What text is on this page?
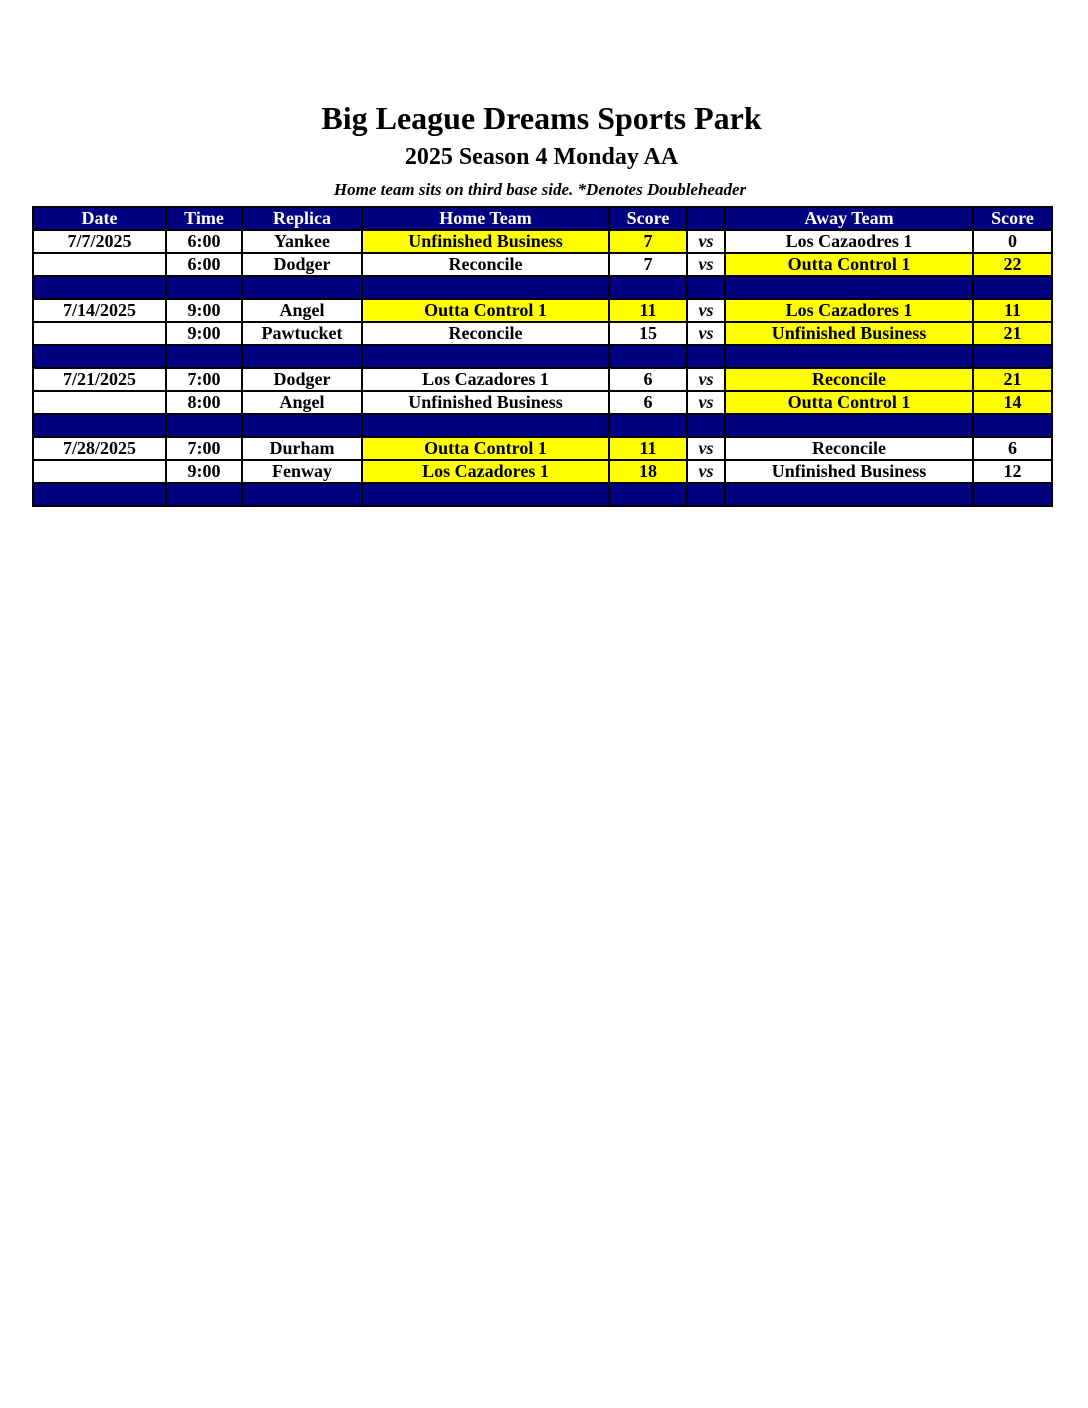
Big League Dreams Sports Park
2025 Season 4 Monday AA
Home team sits on third base side. *Denotes Doubleheader
Date	Time	Replica	Home Team	Score		Away Team	Score
7/7/2025	6:00	Yankee	Unfinished Business	7	vs	Los Cazaodres 1	0
	6:00	Dodger	Reconcile	7	vs	Outta Control 1	22

7/14/2025	9:00	Angel	Outta Control 1	11	vs	Los Cazadores 1	11
	9:00	Pawtucket	Reconcile	15	vs	Unfinished Business	21

7/21/2025	7:00	Dodger	Los Cazadores 1	6	vs	Reconcile	21
	8:00	Angel	Unfinished Business	6	vs	Outta Control 1	14

7/28/2025	7:00	Durham	Outta Control 1	11	vs	Reconcile	6
	9:00	Fenway	Los Cazadores 1	18	vs	Unfinished Business	12
